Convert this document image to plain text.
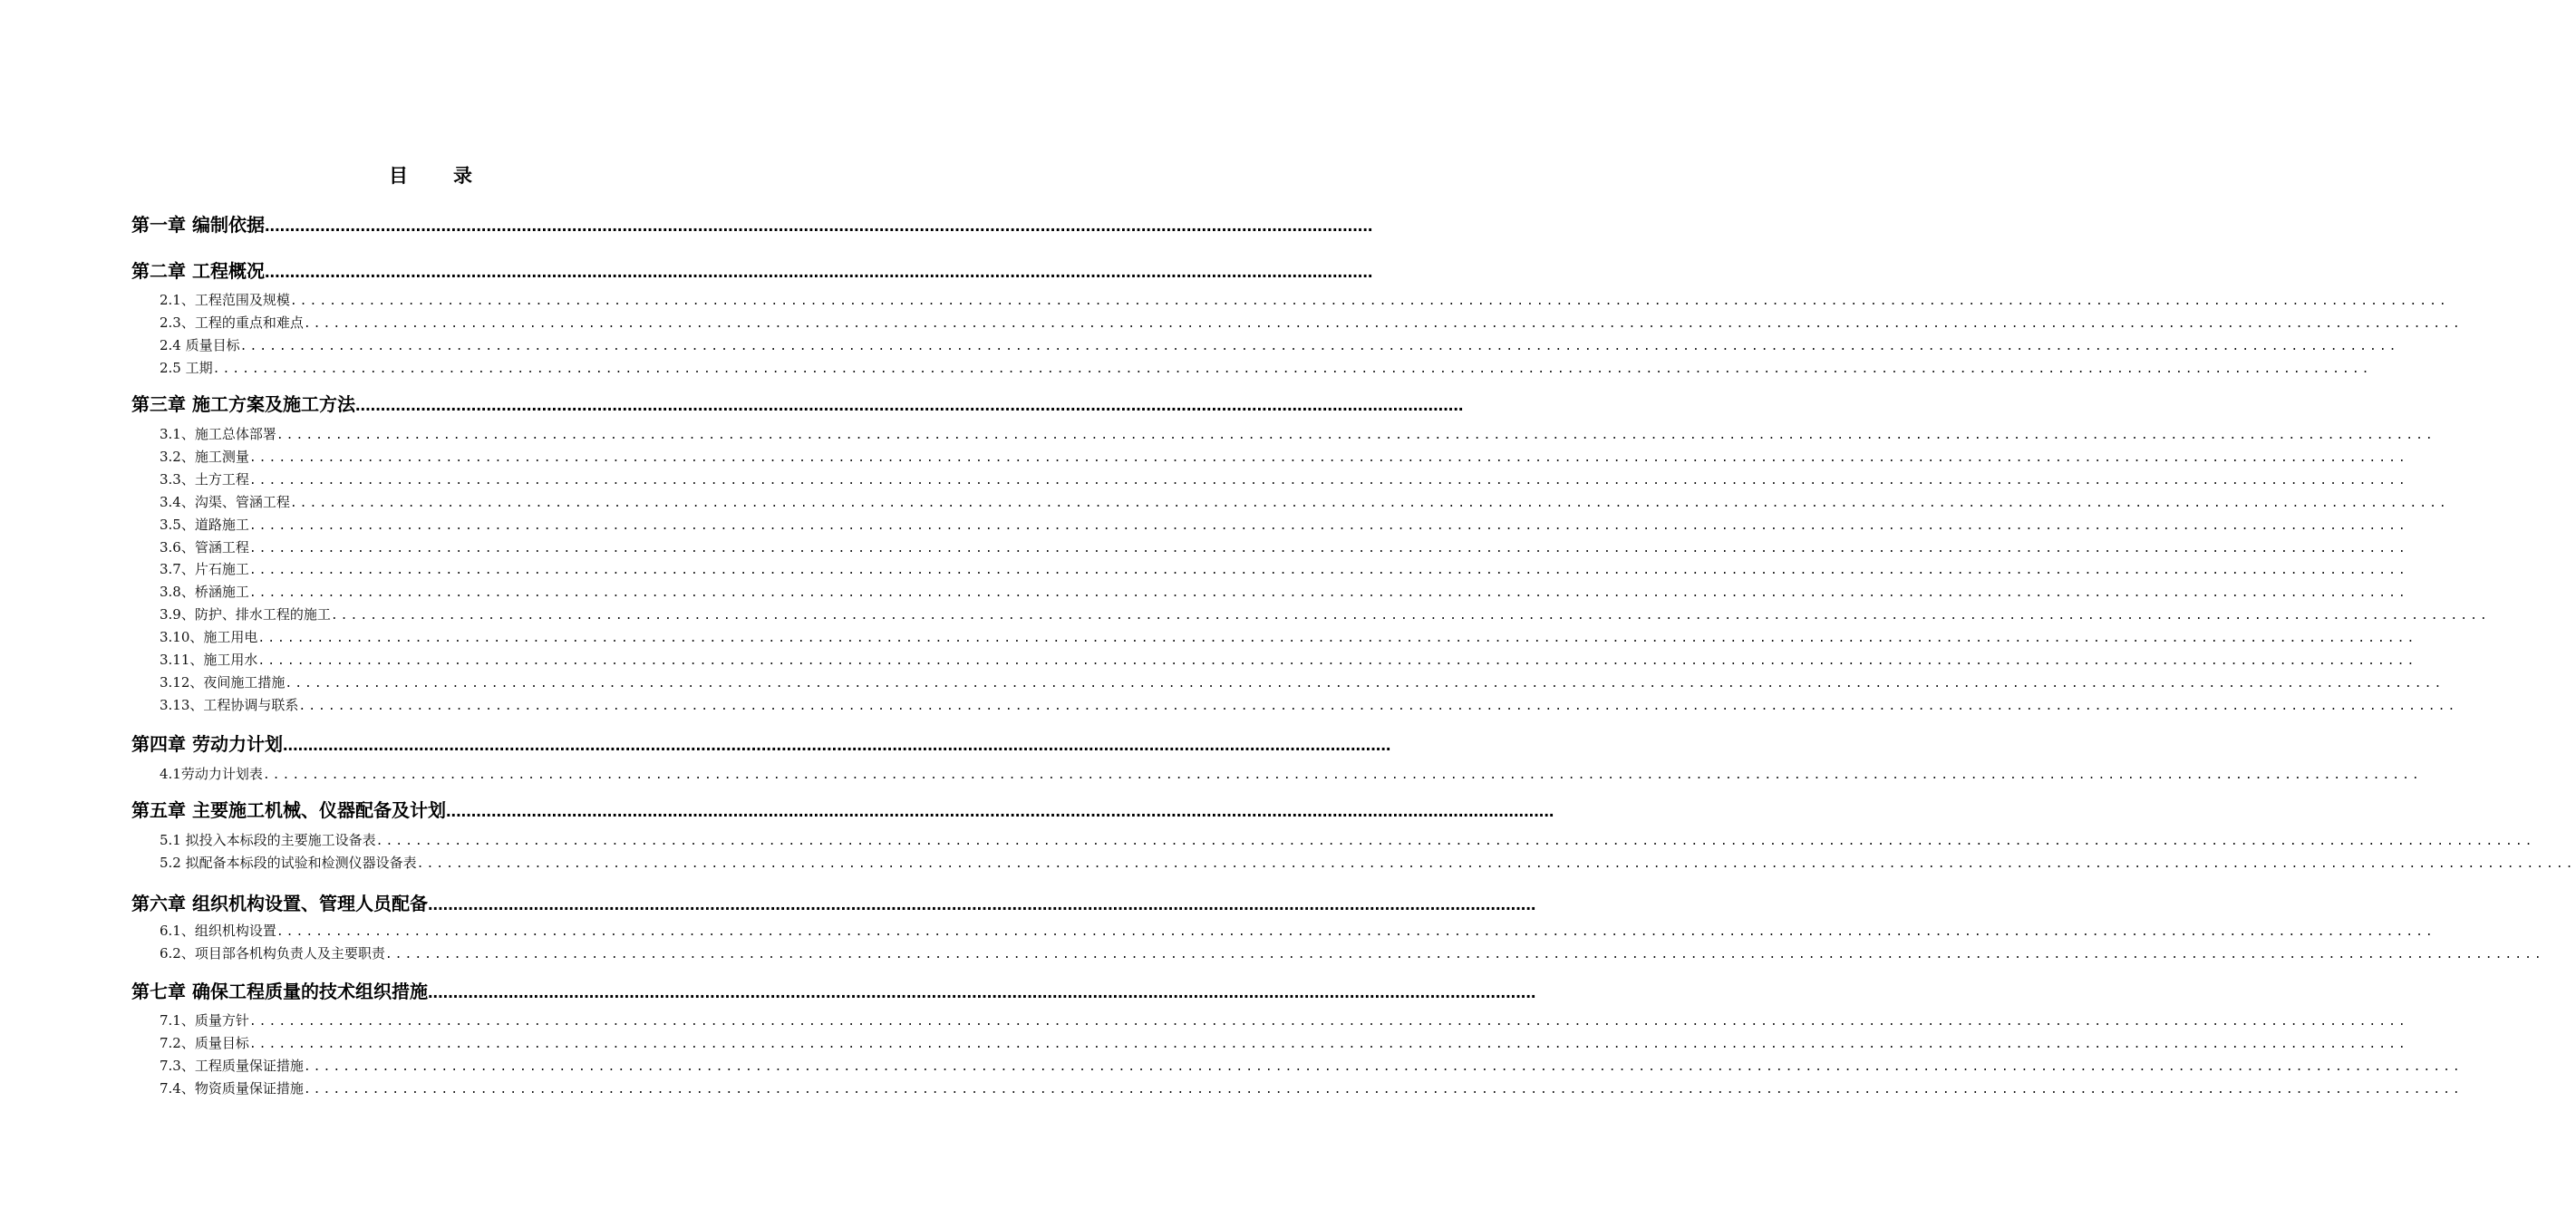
目 录
第一章 编制依据 ............................................................................................................................................................................................................................
第二章 工程概况 ............................................................................................................................................................................................................................
2.1、工程范围及规模 ............................................................................................................................................................................................................................
2.3、工程的重点和难点 ............................................................................................................................................................................................................................
2.4 质量目标 ............................................................................................................................................................................................................................
2.5 工期 ............................................................................................................................................................................................................................
第三章 施工方案及施工方法 ............................................................................................................................................................................................................................
3.1、施工总体部署 ............................................................................................................................................................................................................................
3.2、施工测量 ............................................................................................................................................................................................................................
3.3、土方工程 ............................................................................................................................................................................................................................
3.4、沟渠、管涵工程 ............................................................................................................................................................................................................................
3.5、道路施工 ............................................................................................................................................................................................................................
3.6、管涵工程 ............................................................................................................................................................................................................................
3.7、片石施工 ............................................................................................................................................................................................................................
3.8、桥涵施工 ............................................................................................................................................................................................................................
3.9、防护、排水工程的施工 ............................................................................................................................................................................................................................
3.10、施工用电 ............................................................................................................................................................................................................................
3.11、施工用水 ............................................................................................................................................................................................................................
3.12、夜间施工措施 ............................................................................................................................................................................................................................
3.13、工程协调与联系 ............................................................................................................................................................................................................................
第四章 劳动力计划 ............................................................................................................................................................................................................................
4.1劳动力计划表 ............................................................................................................................................................................................................................
第五章 主要施工机械、仪器配备及计划 ............................................................................................................................................................................................................................
5.1 拟投入本标段的主要施工设备表 ............................................................................................................................................................................................................................
5.2 拟配备本标段的试验和检测仪器设备表 ............................................................................................................................................................................................................................
第六章 组织机构设置、管理人员配备 ............................................................................................................................................................................................................................
6.1、组织机构设置 ............................................................................................................................................................................................................................
6.2、项目部各机构负责人及主要职责 ............................................................................................................................................................................................................................
第七章 确保工程质量的技术组织措施 ............................................................................................................................................................................................................................
7.1、质量方针 ............................................................................................................................................................................................................................
7.2、质量目标 ............................................................................................................................................................................................................................
7.3、工程质量保证措施 ............................................................................................................................................................................................................................
7.4、物资质量保证措施 ............................................................................................................................................................................................................................
